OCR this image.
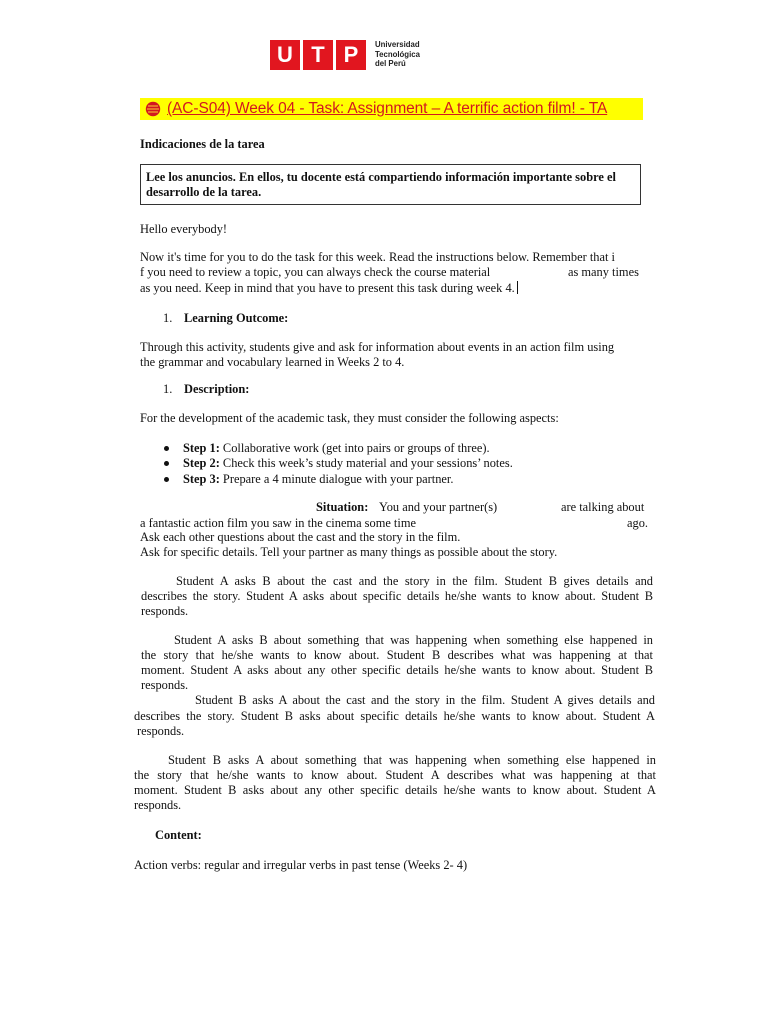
U T P	Universidad
Tecnológica
del Perú
(AC-S04) Week 04 - Task: Assignment – A terrific action film! - TA

Indicaciones de la tarea

Lee los anuncios. En ellos, tu docente está compartiendo información importante sobre el desarrollo de la tarea.

Hello everybody!

Now it's time for you to do the task for this week. Read the instructions below. Remember that i

f you need to review a topic, you can always check the course material	as many times

as you need. Keep in mind that you have to present this task during week 4.

1. Learning Outcome:

Through this activity, students give and ask for information about events in an action film using

the grammar and vocabulary learned in Weeks 2 to 4.

1. Description:

For the development of the academic task, they must consider the following aspects:

Step 1: Collaborative work (get into pairs or groups of three).
Step 2: Check this week’s study material and your sessions’ notes.
Step 3: Prepare a 4 minute dialogue with your partner.

Situation: You and your partner(s)	are talking about

a fantastic action film you saw in the cinema some time	ago.

Ask each other questions about the cast and the story in the film.

Ask for specific details. Tell your partner as many things as possible about the story.

Student A asks B about the cast and the story in the film. Student B gives details and

describes the story. Student A asks about specific details he/she wants to know about. Student B

responds.

Student A asks B about something that was happening when something else happened in

the story that he/she wants to know about. Student B describes what was happening at that

moment. Student A asks about any other specific details he/she wants to know about. Student B

responds.

Student B asks A about the cast and the story in the film. Student A gives details and

describes the story. Student B asks about specific details he/she wants to know about. Student A

responds.

Student B asks A about something that was happening when something else happened in

the story that he/she wants to know about. Student A describes what was happening at that

moment. Student B asks about any other specific details he/she wants to know about. Student A

responds.

Content:

Action verbs: regular and irregular verbs in past tense (Weeks 2- 4)
